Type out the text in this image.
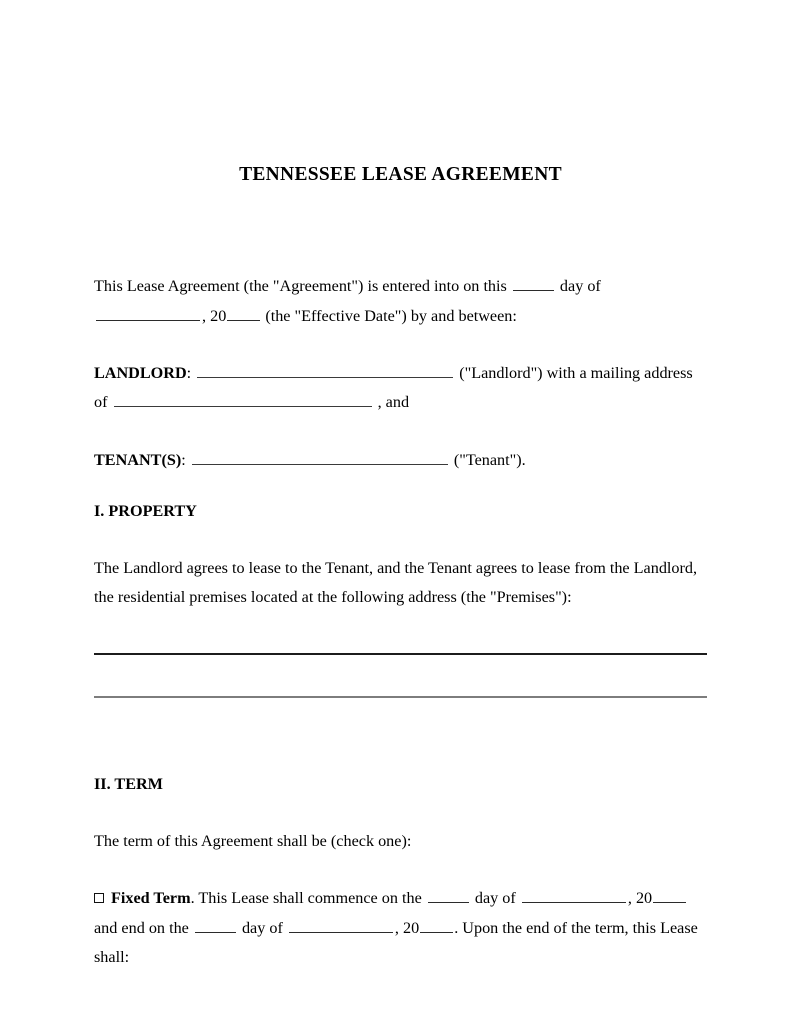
TENNESSEE LEASE AGREEMENT

This Lease Agreement (the "Agreement") is entered into on this	day of , 20 (the "Effective Date") by and between:

LANDLORD:	("Landlord") with a mailing address of	, and

TENANT(S):	("Tenant").

I. PROPERTY

The Landlord agrees to lease to the Tenant, and the Tenant agrees to lease from the Landlord, the residential premises located at the following address (the "Premises"):

II. TERM

The term of this Agreement shall be (check one):

Fixed Term. This Lease shall commence on the	day of	, 20 and end on the	day of	, 20 . Upon the end of the term, this Lease shall:
